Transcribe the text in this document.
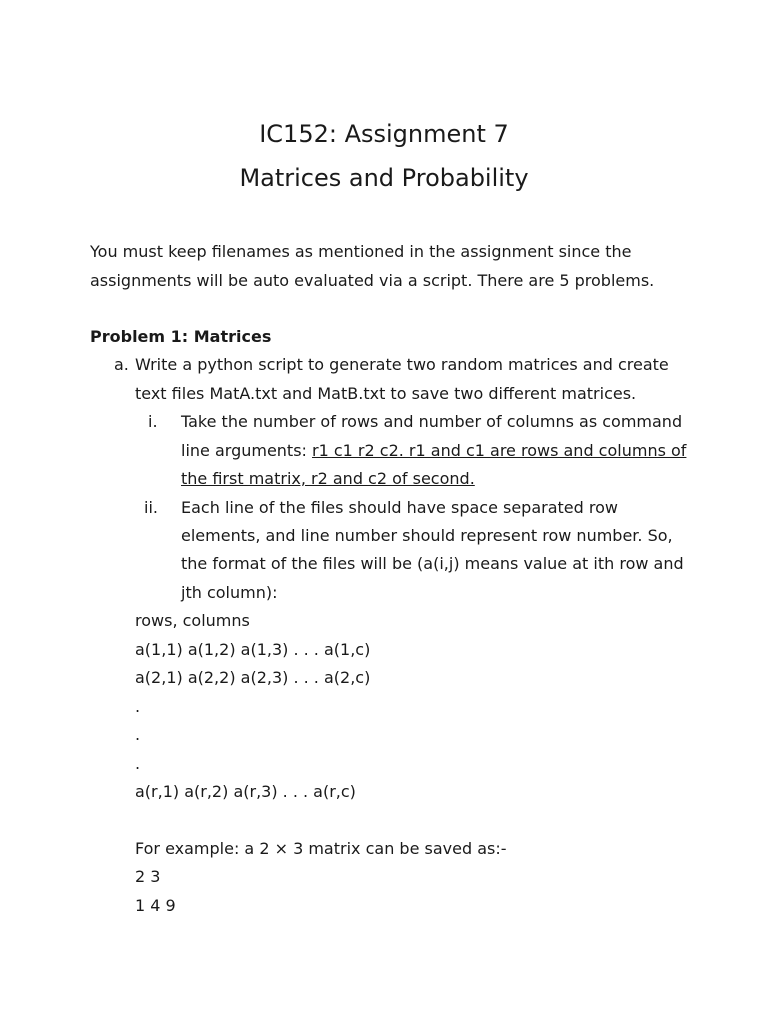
IC152: Assignment 7
Matrices and Probability
You must keep filenames as mentioned in the assignment since the
assignments will be auto evaluated via a script. There are 5 problems.
Problem 1: Matrices
a. Write a python script to generate two random matrices and create
text files MatA.txt and MatB.txt to save two different matrices.
i. Take the number of rows and number of columns as command
line arguments: r1 c1 r2 c2. r1 and c1 are rows and columns of
the first matrix, r2 and c2 of second.
ii. Each line of the files should have space separated row
elements, and line number should represent row number. So,
the format of the files will be (a(i,j) means value at ith row and
jth column):
rows, columns
a(1,1) a(1,2) a(1,3) . . . a(1,c)
a(2,1) a(2,2) a(2,3) . . . a(2,c)
.
.
.
a(r,1) a(r,2) a(r,3) . . . a(r,c)
For example: a 2 × 3 matrix can be saved as:-
2 3
1 4 9
